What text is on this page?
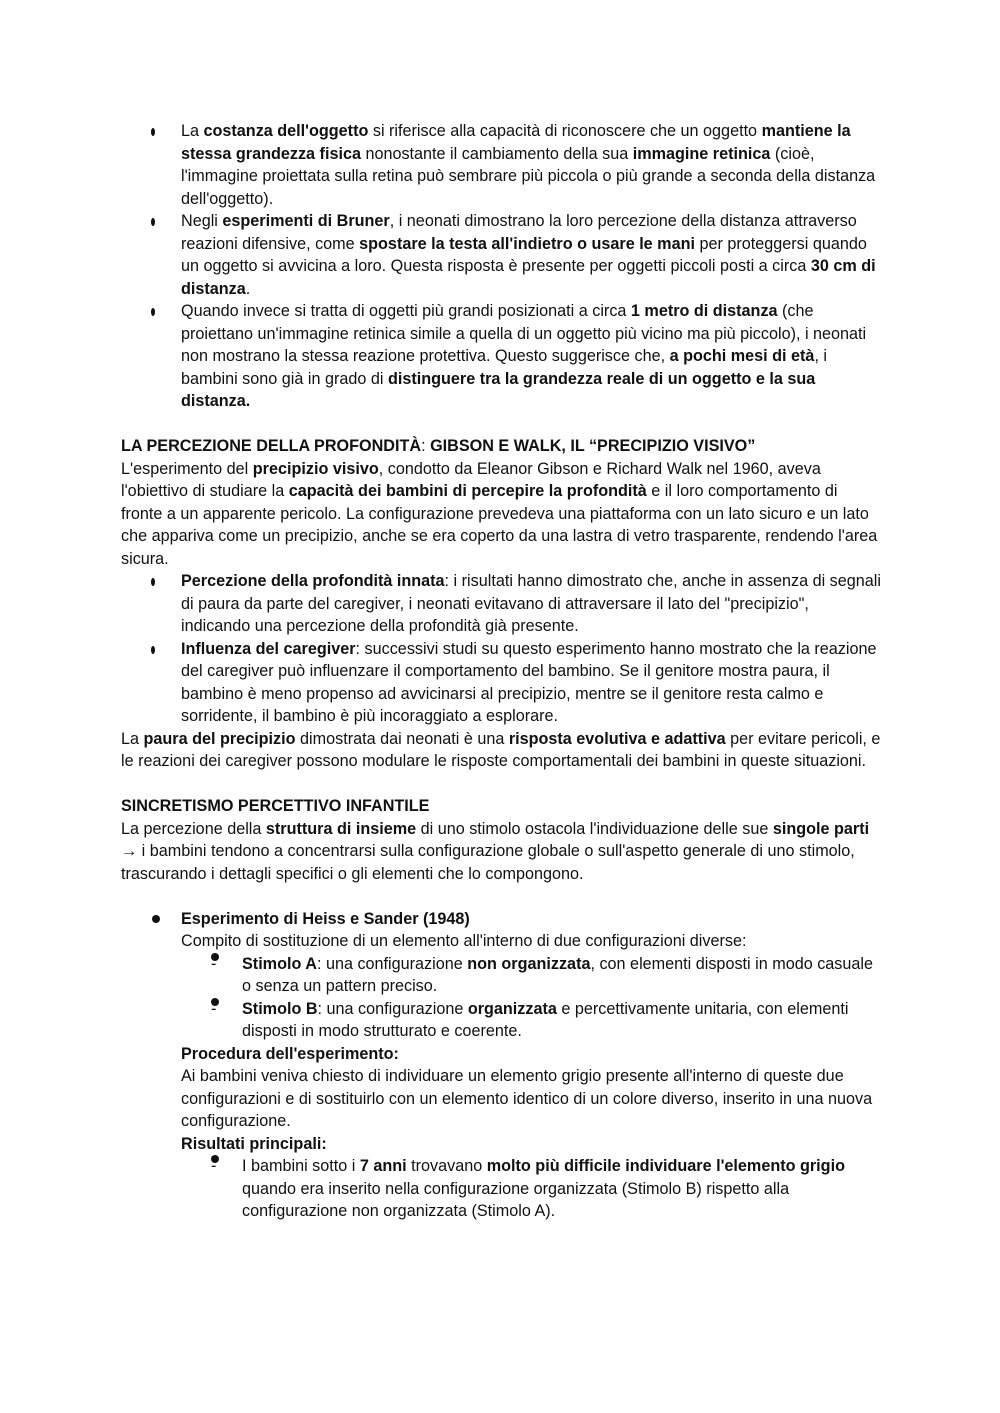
La costanza dell'oggetto si riferisce alla capacità di riconoscere che un oggetto mantiene la stessa grandezza fisica nonostante il cambiamento della sua immagine retinica (cioè, l'immagine proiettata sulla retina può sembrare più piccola o più grande a seconda della distanza dell'oggetto).
Negli esperimenti di Bruner, i neonati dimostrano la loro percezione della distanza attraverso reazioni difensive, come spostare la testa all'indietro o usare le mani per proteggersi quando un oggetto si avvicina a loro. Questa risposta è presente per oggetti piccoli posti a circa 30 cm di distanza.
Quando invece si tratta di oggetti più grandi posizionati a circa 1 metro di distanza (che proiettano un'immagine retinica simile a quella di un oggetto più vicino ma più piccolo), i neonati non mostrano la stessa reazione protettiva. Questo suggerisce che, a pochi mesi di età, i bambini sono già in grado di distinguere tra la grandezza reale di un oggetto e la sua distanza.

LA PERCEZIONE DELLA PROFONDITÀ: GIBSON E WALK, IL “PRECIPIZIO VISIVO”

L'esperimento del precipizio visivo, condotto da Eleanor Gibson e Richard Walk nel 1960, aveva l'obiettivo di studiare la capacità dei bambini di percepire la profondità e il loro comportamento di fronte a un apparente pericolo. La configurazione prevedeva una piattaforma con un lato sicuro e un lato che appariva come un precipizio, anche se era coperto da una lastra di vetro trasparente, rendendo l'area sicura.

Percezione della profondità innata: i risultati hanno dimostrato che, anche in assenza di segnali di paura da parte del caregiver, i neonati evitavano di attraversare il lato del "precipizio", indicando una percezione della profondità già presente.
Influenza del caregiver: successivi studi su questo esperimento hanno mostrato che la reazione del caregiver può influenzare il comportamento del bambino. Se il genitore mostra paura, il bambino è meno propenso ad avvicinarsi al precipizio, mentre se il genitore resta calmo e sorridente, il bambino è più incoraggiato a esplorare.

La paura del precipizio dimostrata dai neonati è una risposta evolutiva e adattiva per evitare pericoli, e le reazioni dei caregiver possono modulare le risposte comportamentali dei bambini in queste situazioni.

SINCRETISMO PERCETTIVO INFANTILE

La percezione della struttura di insieme di uno stimolo ostacola l'individuazione delle sue singole parti → i bambini tendono a concentrarsi sulla configurazione globale o sull'aspetto generale di uno stimolo, trascurando i dettagli specifici o gli elementi che lo compongono.

Esperimento di Heiss e Sander (1948)
Compito di sostituzione di un elemento all'interno di due configurazioni diverse:
- Stimolo A: una configurazione non organizzata, con elementi disposti in modo casuale o senza un pattern preciso.
- Stimolo B: una configurazione organizzata e percettivamente unitaria, con elementi disposti in modo strutturato e coerente.
Procedura dell'esperimento:
Ai bambini veniva chiesto di individuare un elemento grigio presente all'interno di queste due configurazioni e di sostituirlo con un elemento identico di un colore diverso, inserito in una nuova configurazione.
Risultati principali:
- I bambini sotto i 7 anni trovavano molto più difficile individuare l'elemento grigio quando era inserito nella configurazione organizzata (Stimolo B) rispetto alla configurazione non organizzata (Stimolo A).
